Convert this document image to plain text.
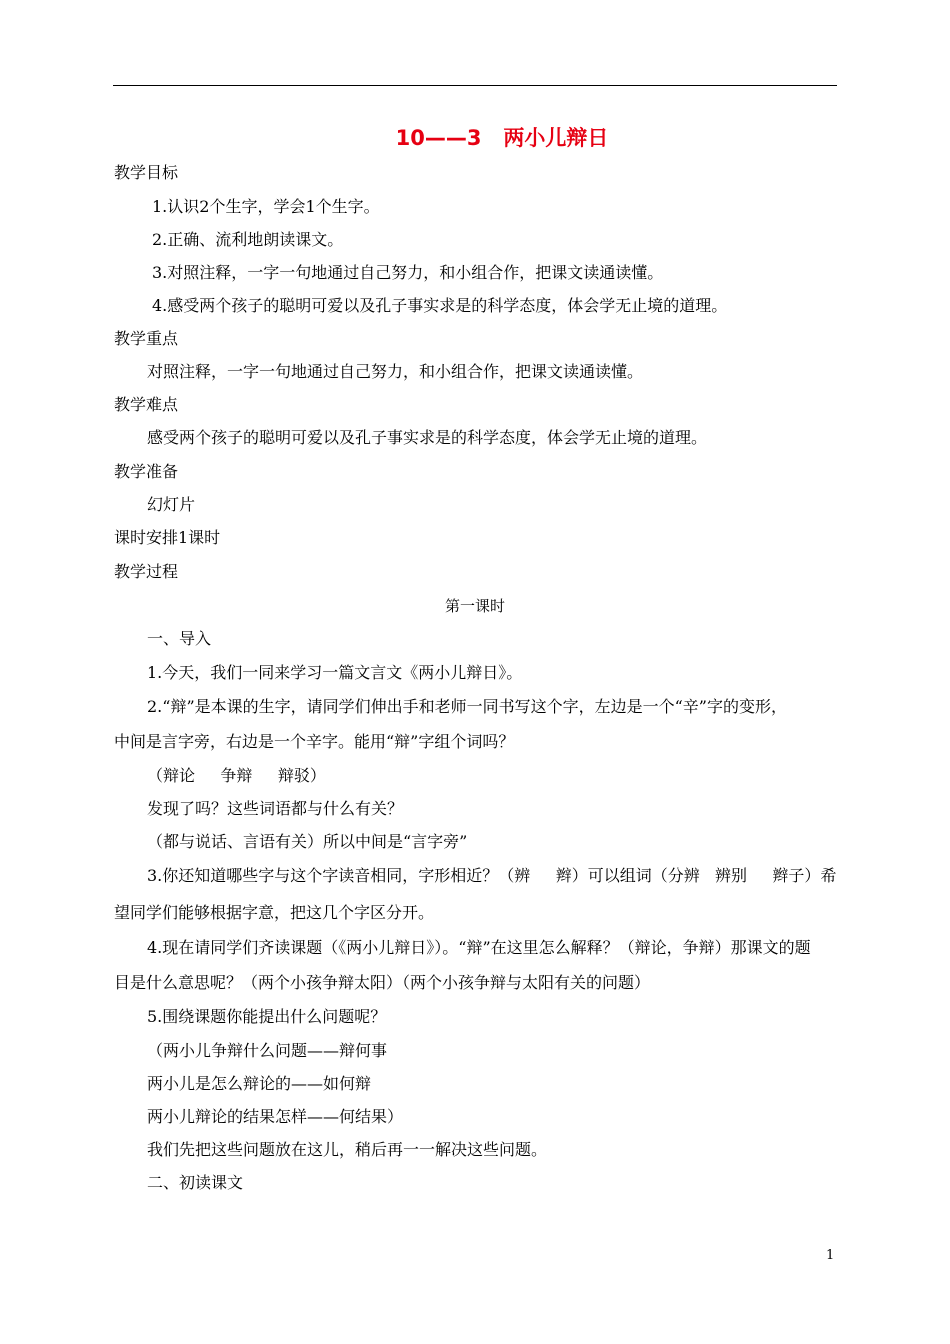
10——3   两小儿辩日
教学目标
1.认识2个生字，学会1个生字。
2.正确、流利地朗读课文。
3.对照注释，一字一句地通过自己努力，和小组合作，把课文读通读懂。
4.感受两个孩子的聪明可爱以及孔子事实求是的科学态度，体会学无止境的道理。
教学重点
对照注释，一字一句地通过自己努力，和小组合作，把课文读通读懂。
教学难点
感受两个孩子的聪明可爱以及孔子事实求是的科学态度，体会学无止境的道理。
教学准备
幻灯片
课时安排1课时
教学过程
第一课时
一、导入
1.今天，我们一同来学习一篇文言文《两小儿辩日》。
2.“辩”是本课的生字，请同学们伸出手和老师一同书写这个字，左边是一个“辛”字的变形，
中间是言字旁，右边是一个辛字。能用“辩”字组个词吗？
（辩论     争辩     辩驳）
发现了吗？这些词语都与什么有关？
（都与说话、言语有关）所以中间是“言字旁”
3.你还知道哪些字与这个字读音相同，字形相近？（辨     辫）可以组词（分辨   辨别     辫子）希
望同学们能够根据字意，把这几个字区分开。
4.现在请同学们齐读课题（《两小儿辩日》）。“辩”在这里怎么解释？（辩论，争辩）那课文的题
目是什么意思呢？（两个小孩争辩太阳）（两个小孩争辩与太阳有关的问题）
5.围绕课题你能提出什么问题呢？
（两小儿争辩什么问题——辩何事
两小儿是怎么辩论的——如何辩
两小儿辩论的结果怎样——何结果）
我们先把这些问题放在这儿，稍后再一一解决这些问题。
二、初读课文
1
